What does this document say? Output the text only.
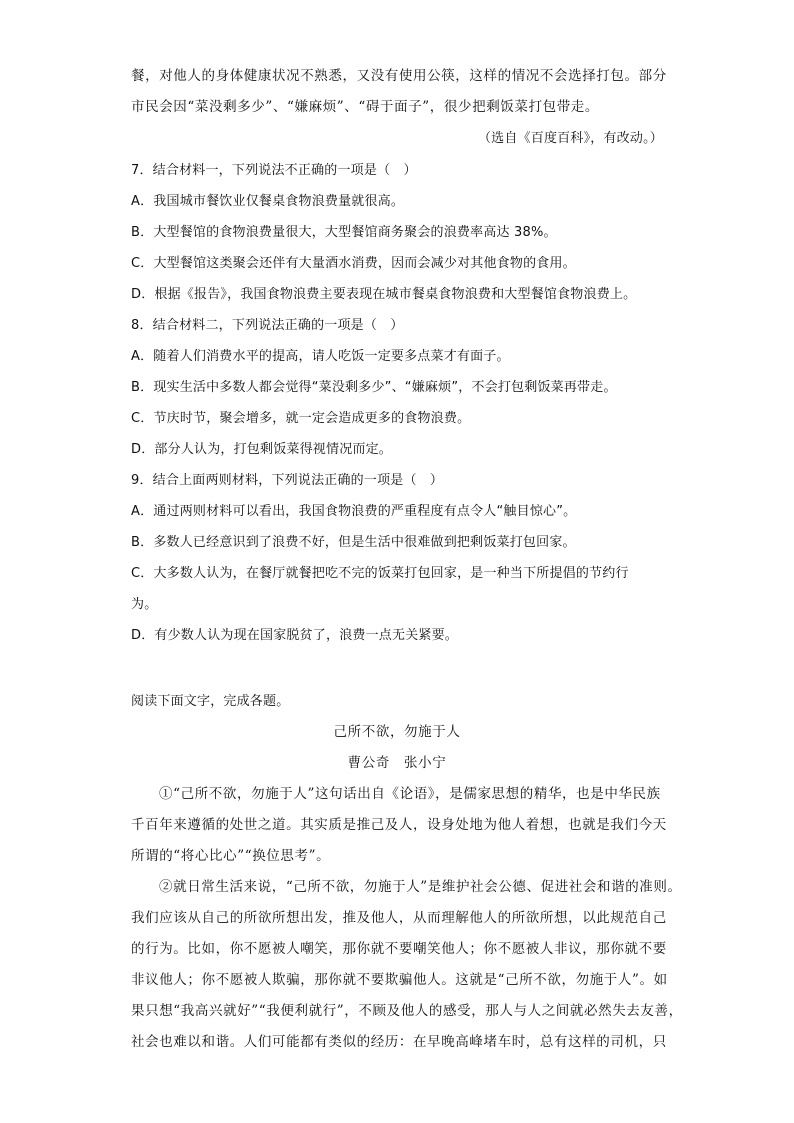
餐，对他人的身体健康状况不熟悉，又没有使用公筷，这样的情况不会选择打包。部分
市民会因“菜没剩多少”、“嫌麻烦”、“碍于面子”，很少把剩饭菜打包带走。
（选自《百度百科》，有改动。）
7．结合材料一，下列说法不正确的一项是（　）
A．我国城市餐饮业仅餐桌食物浪费量就很高。
B．大型餐馆的食物浪费量很大，大型餐馆商务聚会的浪费率高达 38%。
C．大型餐馆这类聚会还伴有大量酒水消费，因而会减少对其他食物的食用。
D．根据《报告》，我国食物浪费主要表现在城市餐桌食物浪费和大型餐馆食物浪费上。
8．结合材料二，下列说法正确的一项是（　）
A．随着人们消费水平的提高，请人吃饭一定要多点菜才有面子。
B．现实生活中多数人都会觉得“菜没剩多少”、“嫌麻烦”，不会打包剩饭菜再带走。
C．节庆时节，聚会增多，就一定会造成更多的食物浪费。
D．部分人认为，打包剩饭菜得视情况而定。
9．结合上面两则材料，下列说法正确的一项是（　）
A．通过两则材料可以看出，我国食物浪费的严重程度有点令人“触目惊心”。
B．多数人已经意识到了浪费不好，但是生活中很难做到把剩饭菜打包回家。
C．大多数人认为，在餐厅就餐把吃不完的饭菜打包回家，是一种当下所提倡的节约行
为。
D．有少数人认为现在国家脱贫了，浪费一点无关紧要。
阅读下面文字，完成各题。
己所不欲，勿施于人
曹公奇　张小宁
①“己所不欲，勿施于人”这句话出自《论语》，是儒家思想的精华，也是中华民族
千百年来遵循的处世之道。其实质是推己及人，设身处地为他人着想，也就是我们今天
所谓的“将心比心”“换位思考”。
②就日常生活来说，“己所不欲，勿施于人”是维护社会公德、促进社会和谐的准则。
我们应该从自己的所欲所想出发，推及他人，从而理解他人的所欲所想，以此规范自己
的行为。比如，你不愿被人嘲笑，那你就不要嘲笑他人；你不愿被人非议，那你就不要
非议他人；你不愿被人欺骗，那你就不要欺骗他人。这就是“己所不欲，勿施于人”。如
果只想“我高兴就好”“我便利就行”，不顾及他人的感受，那人与人之间就必然失去友善，
社会也难以和谐。人们可能都有类似的经历：在早晚高峰堵车时，总有这样的司机，只
